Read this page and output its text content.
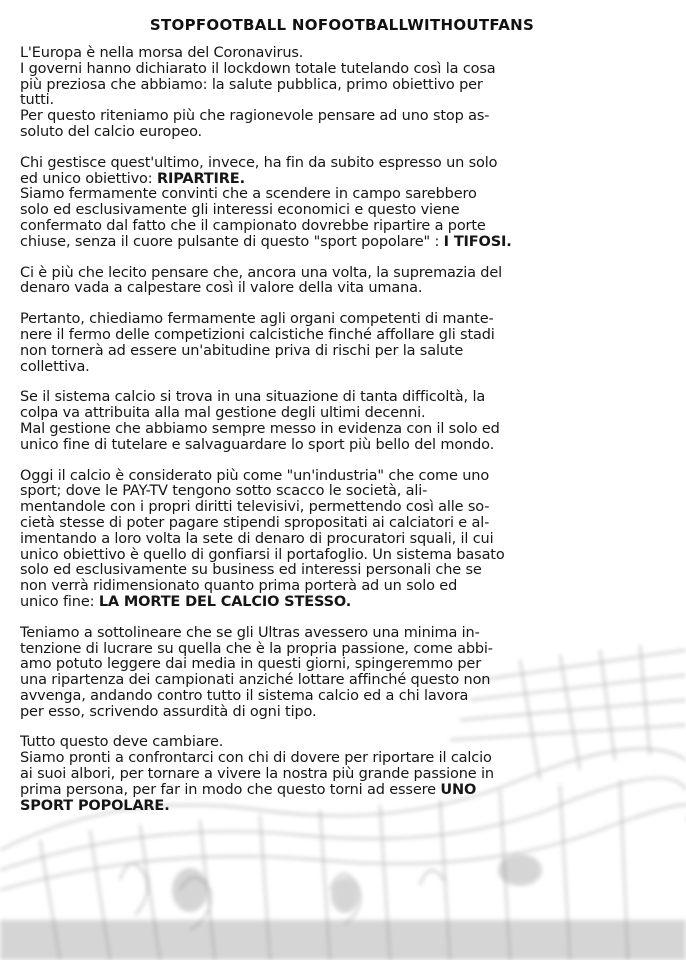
STOPFOOTBALL NOFOOTBALLWITHOUTFANS
L'Europa è nella morsa del Coronavirus.
I governi hanno dichiarato il lockdown totale tutelando così la cosa
più preziosa che abbiamo: la salute pubblica, primo obiettivo per
tutti.
Per questo riteniamo più che ragionevole pensare ad uno stop as-
soluto del calcio europeo.
Chi gestisce quest'ultimo, invece, ha fin da subito espresso un solo
ed unico obiettivo: RIPARTIRE.
Siamo fermamente convinti che a scendere in campo sarebbero
solo ed esclusivamente gli interessi economici e questo viene
confermato dal fatto che il campionato dovrebbe ripartire a porte
chiuse, senza il cuore pulsante di questo "sport popolare" : I TIFOSI.
Ci è più che lecito pensare che, ancora una volta, la supremazia del
denaro vada a calpestare così il valore della vita umana.
Pertanto, chiediamo fermamente agli organi competenti di mante-
nere il fermo delle competizioni calcistiche finché affollare gli stadi
non tornerà ad essere un'abitudine priva di rischi per la salute
collettiva.
Se il sistema calcio si trova in una situazione di tanta difficoltà, la
colpa va attribuita alla mal gestione degli ultimi decenni.
Mal gestione che abbiamo sempre messo in evidenza con il solo ed
unico fine di tutelare e salvaguardare lo sport più bello del mondo.
Oggi il calcio è considerato più come "un'industria" che come uno
sport; dove le PAY-TV tengono sotto scacco le società, ali-
mentandole con i propri diritti televisivi, permettendo così alle so-
cietà stesse di poter pagare stipendi spropositati ai calciatori e al-
imentando a loro volta la sete di denaro di procuratori squali, il cui
unico obiettivo è quello di gonfiarsi il portafoglio. Un sistema basato
solo ed esclusivamente su business ed interessi personali che se
non verrà ridimensionato quanto prima porterà ad un solo ed
unico fine: LA MORTE DEL CALCIO STESSO.
Teniamo a sottolineare che se gli Ultras avessero una minima in-
tenzione di lucrare su quella che è la propria passione, come abbi-
amo potuto leggere dai media in questi giorni, spingeremmo per
una ripartenza dei campionati anziché lottare affinché questo non
avvenga, andando contro tutto il sistema calcio ed a chi lavora
per esso, scrivendo assurdità di ogni tipo.
Tutto questo deve cambiare.
Siamo pronti a confrontarci con chi di dovere per riportare il calcio
ai suoi albori, per tornare a vivere la nostra più grande passione in
prima persona, per far in modo che questo torni ad essere UNO
SPORT POPOLARE.
